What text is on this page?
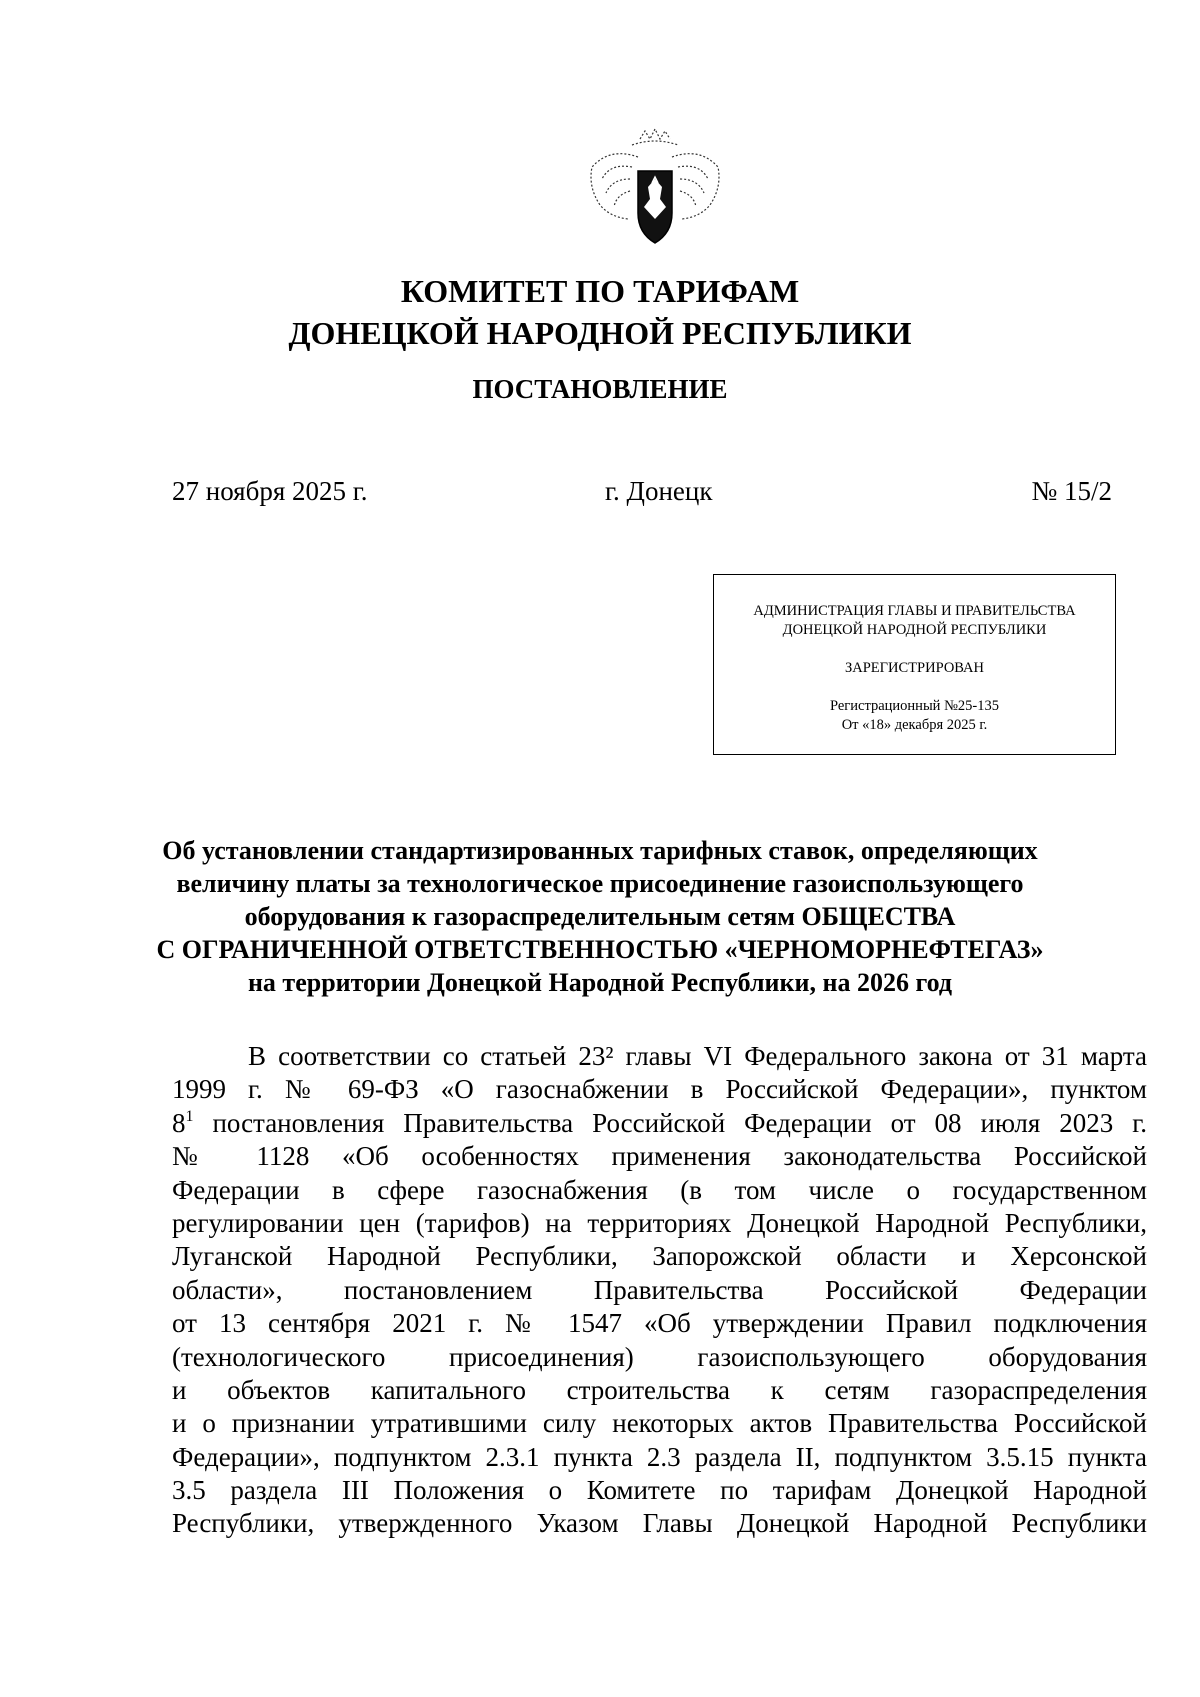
КОМИТЕТ ПО ТАРИФАМ
ДОНЕЦКОЙ НАРОДНОЙ РЕСПУБЛИКИ
ПОСТАНОВЛЕНИЕ
27 ноября 2025 г.	г. Донецк	№ 15/2
АДМИНИСТРАЦИЯ ГЛАВЫ И ПРАВИТЕЛЬСТВА
ДОНЕЦКОЙ НАРОДНОЙ РЕСПУБЛИКИ
ЗАРЕГИСТРИРОВАН
Регистрационный №25-135
От «18» декабря 2025 г.
Об установлении стандартизированных тарифных ставок, определяющих
величину платы за технологическое присоединение газоиспользующего
оборудования к газораспределительным сетям ОБЩЕСТВА
С ОГРАНИЧЕННОЙ ОТВЕТСТВЕННОСТЬЮ «ЧЕРНОМОРНЕФТЕГАЗ»
на территории Донецкой Народной Республики, на 2026 год
В соответствии со статьей 23² главы VI Федерального закона от 31 марта
1999 г. № 69-ФЗ «О газоснабжении в Российской Федерации», пунктом
$8^1$ постановления Правительства Российской Федерации от 08 июля 2023 г.
№ 1128 «Об особенностях применения законодательства Российской
Федерации в сфере газоснабжения (в том числе о государственном
регулировании цен (тарифов) на территориях Донецкой Народной Республики,
Луганской Народной Республики, Запорожской области и Херсонской
области», постановлением Правительства Российской Федерации
от 13 сентября 2021 г. № 1547 «Об утверждении Правил подключения
(технологического присоединения) газоиспользующего оборудования
и объектов капитального строительства к сетям газораспределения
и о признании утратившими силу некоторых актов Правительства Российской
Федерации», подпунктом 2.3.1 пункта 2.3 раздела II, подпунктом 3.5.15 пункта
3.5 раздела III Положения о Комитете по тарифам Донецкой Народной
Республики, утвержденного Указом Главы Донецкой Народной Республики
